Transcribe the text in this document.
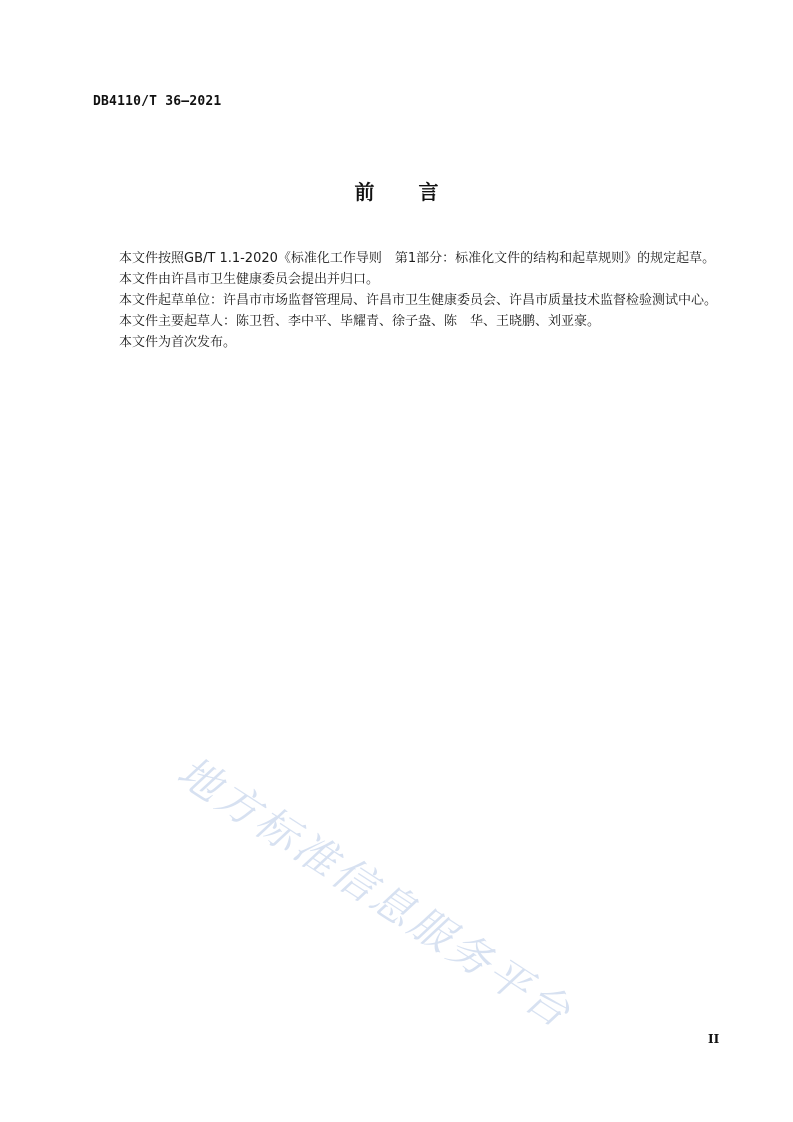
DB4110/T 36—2021
前 言

本文件按照GB/T 1.1-2020《标准化工作导则　第1部分：标准化文件的结构和起草规则》的规定起草。

本文件由许昌市卫生健康委员会提出并归口。

本文件起草单位：许昌市市场监督管理局、许昌市卫生健康委员会、许昌市质量技术监督检验测试中心。

本文件主要起草人：陈卫哲、李中平、毕耀青、徐子盎、陈　华、王晓鹏、刘亚豪。

本文件为首次发布。

地方标准信息服务平台
II
